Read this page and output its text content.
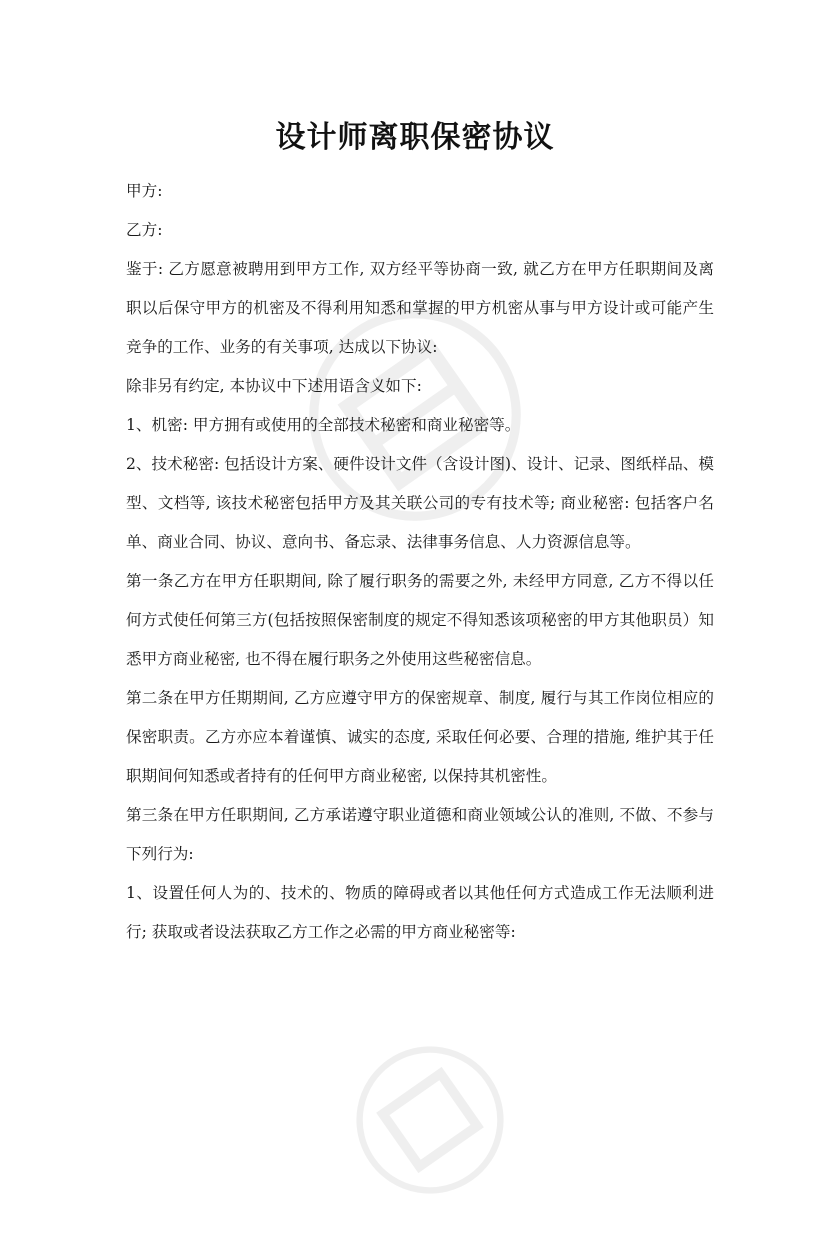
设计师离职保密协议

甲方:

乙方:

鉴于: 乙方愿意被聘用到甲方工作, 双方经平等协商一致, 就乙方在甲方任职期间及离职以后保守甲方的机密及不得利用知悉和掌握的甲方机密从事与甲方设计或可能产生竞争的工作、业务的有关事项, 达成以下协议:

除非另有约定, 本协议中下述用语含义如下:

1、机密: 甲方拥有或使用的全部技术秘密和商业秘密等。

2、技术秘密: 包括设计方案、硬件设计文件（含设计图)、设计、记录、图纸样品、模型、文档等, 该技术秘密包括甲方及其关联公司的专有技术等; 商业秘密: 包括客户名单、商业合同、协议、意向书、备忘录、法律事务信息、人力资源信息等。

第一条乙方在甲方任职期间, 除了履行职务的需要之外, 未经甲方同意, 乙方不得以任何方式使任何第三方(包括按照保密制度的规定不得知悉该项秘密的甲方其他职员）知悉甲方商业秘密, 也不得在履行职务之外使用这些秘密信息。

第二条在甲方任期期间, 乙方应遵守甲方的保密规章、制度, 履行与其工作岗位相应的保密职责。乙方亦应本着谨慎、诚实的态度, 采取任何必要、合理的措施, 维护其于任职期间何知悉或者持有的任何甲方商业秘密, 以保持其机密性。

第三条在甲方任职期间, 乙方承诺遵守职业道德和商业领域公认的准则, 不做、不参与下列行为:

1、设置任何人为的、技术的、物质的障碍或者以其他任何方式造成工作无法顺利进行; 获取或者设法获取乙方工作之必需的甲方商业秘密等:
